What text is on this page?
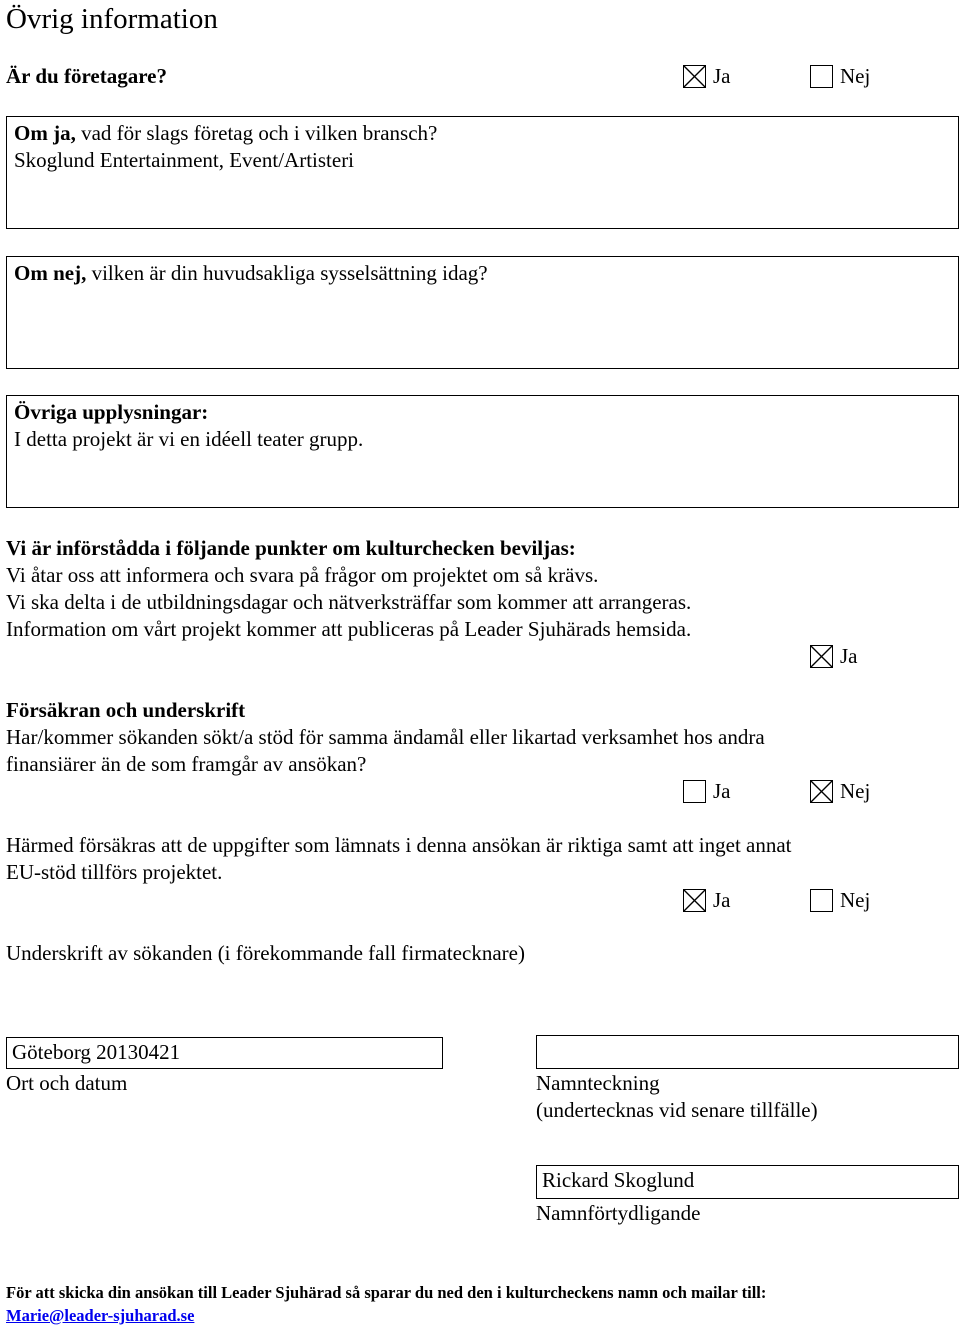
Övrig information
Är du företagare?	Ja	Nej
Om ja, vad för slags företag och i vilken bransch?
Skoglund Entertainment, Event/Artisteri
Om nej, vilken är din huvudsakliga sysselsättning idag?
Övriga upplysningar:
I detta projekt är vi en idéell teater grupp.
Vi är införstådda i följande punkter om kulturchecken beviljas:
Vi åtar oss att informera och svara på frågor om projektet om så krävs.
Vi ska delta i de utbildningsdagar och nätverksträffar som kommer att arrangeras.
Information om vårt projekt kommer att publiceras på Leader Sjuhärads hemsida.
Ja
Försäkran och underskrift
Har/kommer sökanden sökt/a stöd för samma ändamål eller likartad verksamhet hos andra
finansiärer än de som framgår av ansökan?
Ja	Nej
Härmed försäkras att de uppgifter som lämnats i denna ansökan är riktiga samt att inget annat
EU-stöd tillförs projektet.
Ja	Nej
Underskrift av sökanden (i förekommande fall firmatecknare)
Göteborg 20130421
Ort och datum	Namnteckning
(undertecknas vid senare tillfälle)
Rickard Skoglund
Namnförtydligande
För att skicka din ansökan till Leader Sjuhärad så sparar du ned den i kulturcheckens namn och mailar till:
Marie@leader-sjuharad.se
